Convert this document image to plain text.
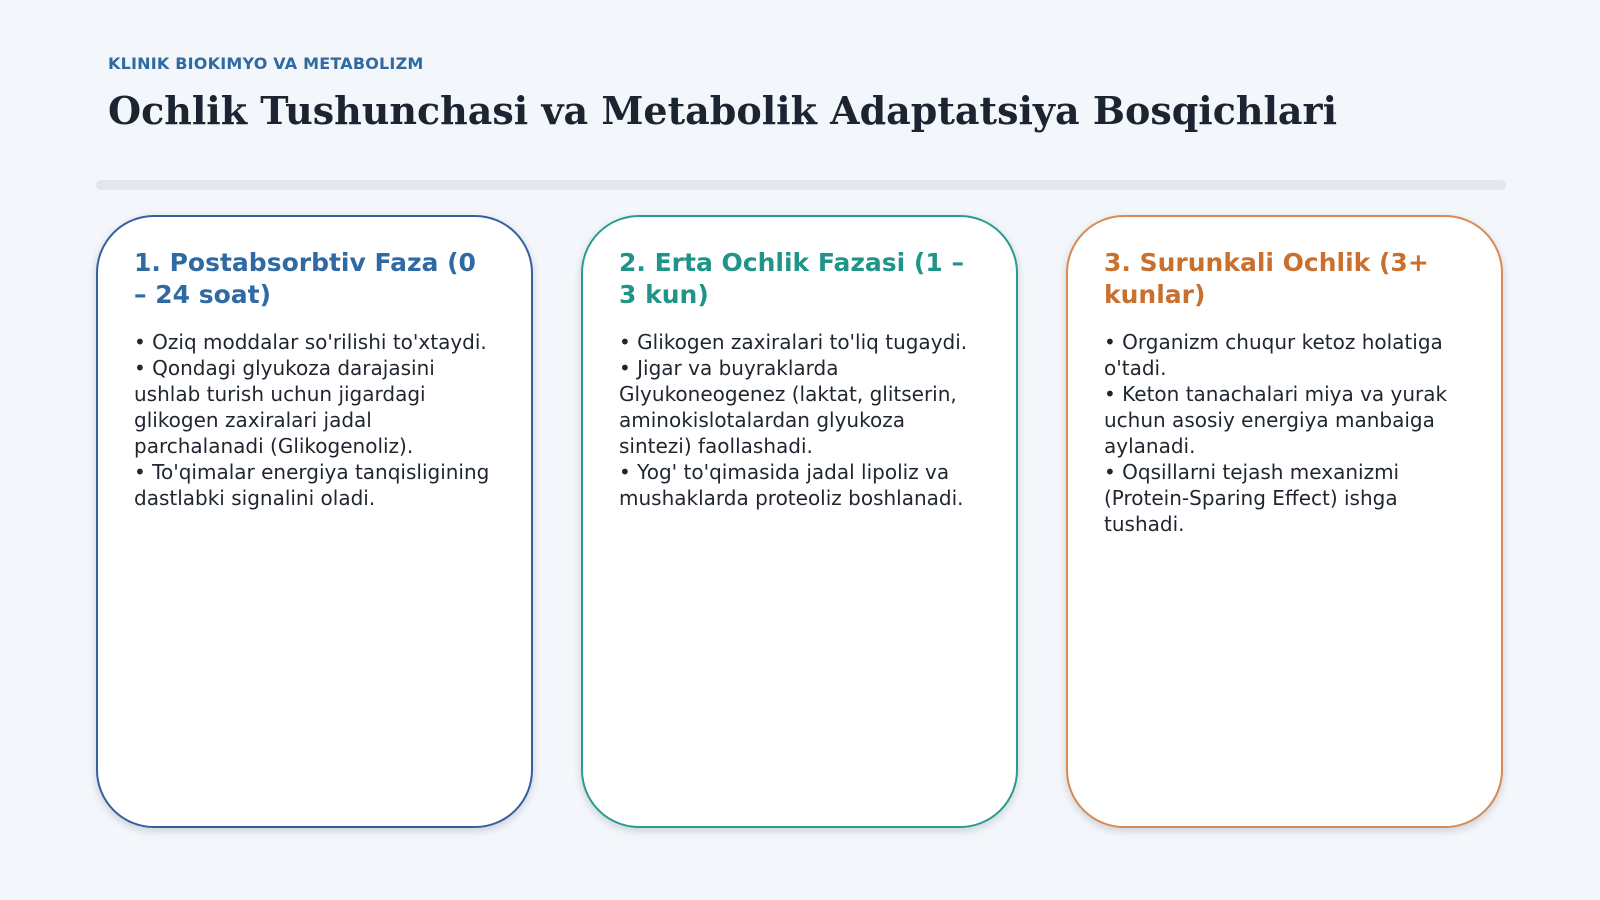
KLINIK BIOKIMYO VA METABOLIZM
Ochlik Tushunchasi va Metabolik Adaptatsiya Bosqichlari
1. Postabsorbtiv Faza (0 – 24 soat)
• Oziq moddalar so'rilishi to'xtaydi.
• Qondagi glyukoza darajasini ushlab turish uchun jigardagi glikogen zaxiralari jadal parchalanadi (Glikogenoliz).
• To'qimalar energiya tanqisligining dastlabki signalini oladi.
2. Erta Ochlik Fazasi (1 – 3 kun)
• Glikogen zaxiralari to'liq tugaydi.
• Jigar va buyraklarda Glyukoneogenez (laktat, glitserin, aminokislotalardan glyukoza sintezi) faollashadi.
• Yog' to'qimasida jadal lipoliz va mushaklarda proteoliz boshlanadi.
3. Surunkali Ochlik (3+ kunlar)
• Organizm chuqur ketoz holatiga o'tadi.
• Keton tanachalari miya va yurak uchun asosiy energiya manbaiga aylanadi.
• Oqsillarni tejash mexanizmi (Protein-Sparing Effect) ishga tushadi.
